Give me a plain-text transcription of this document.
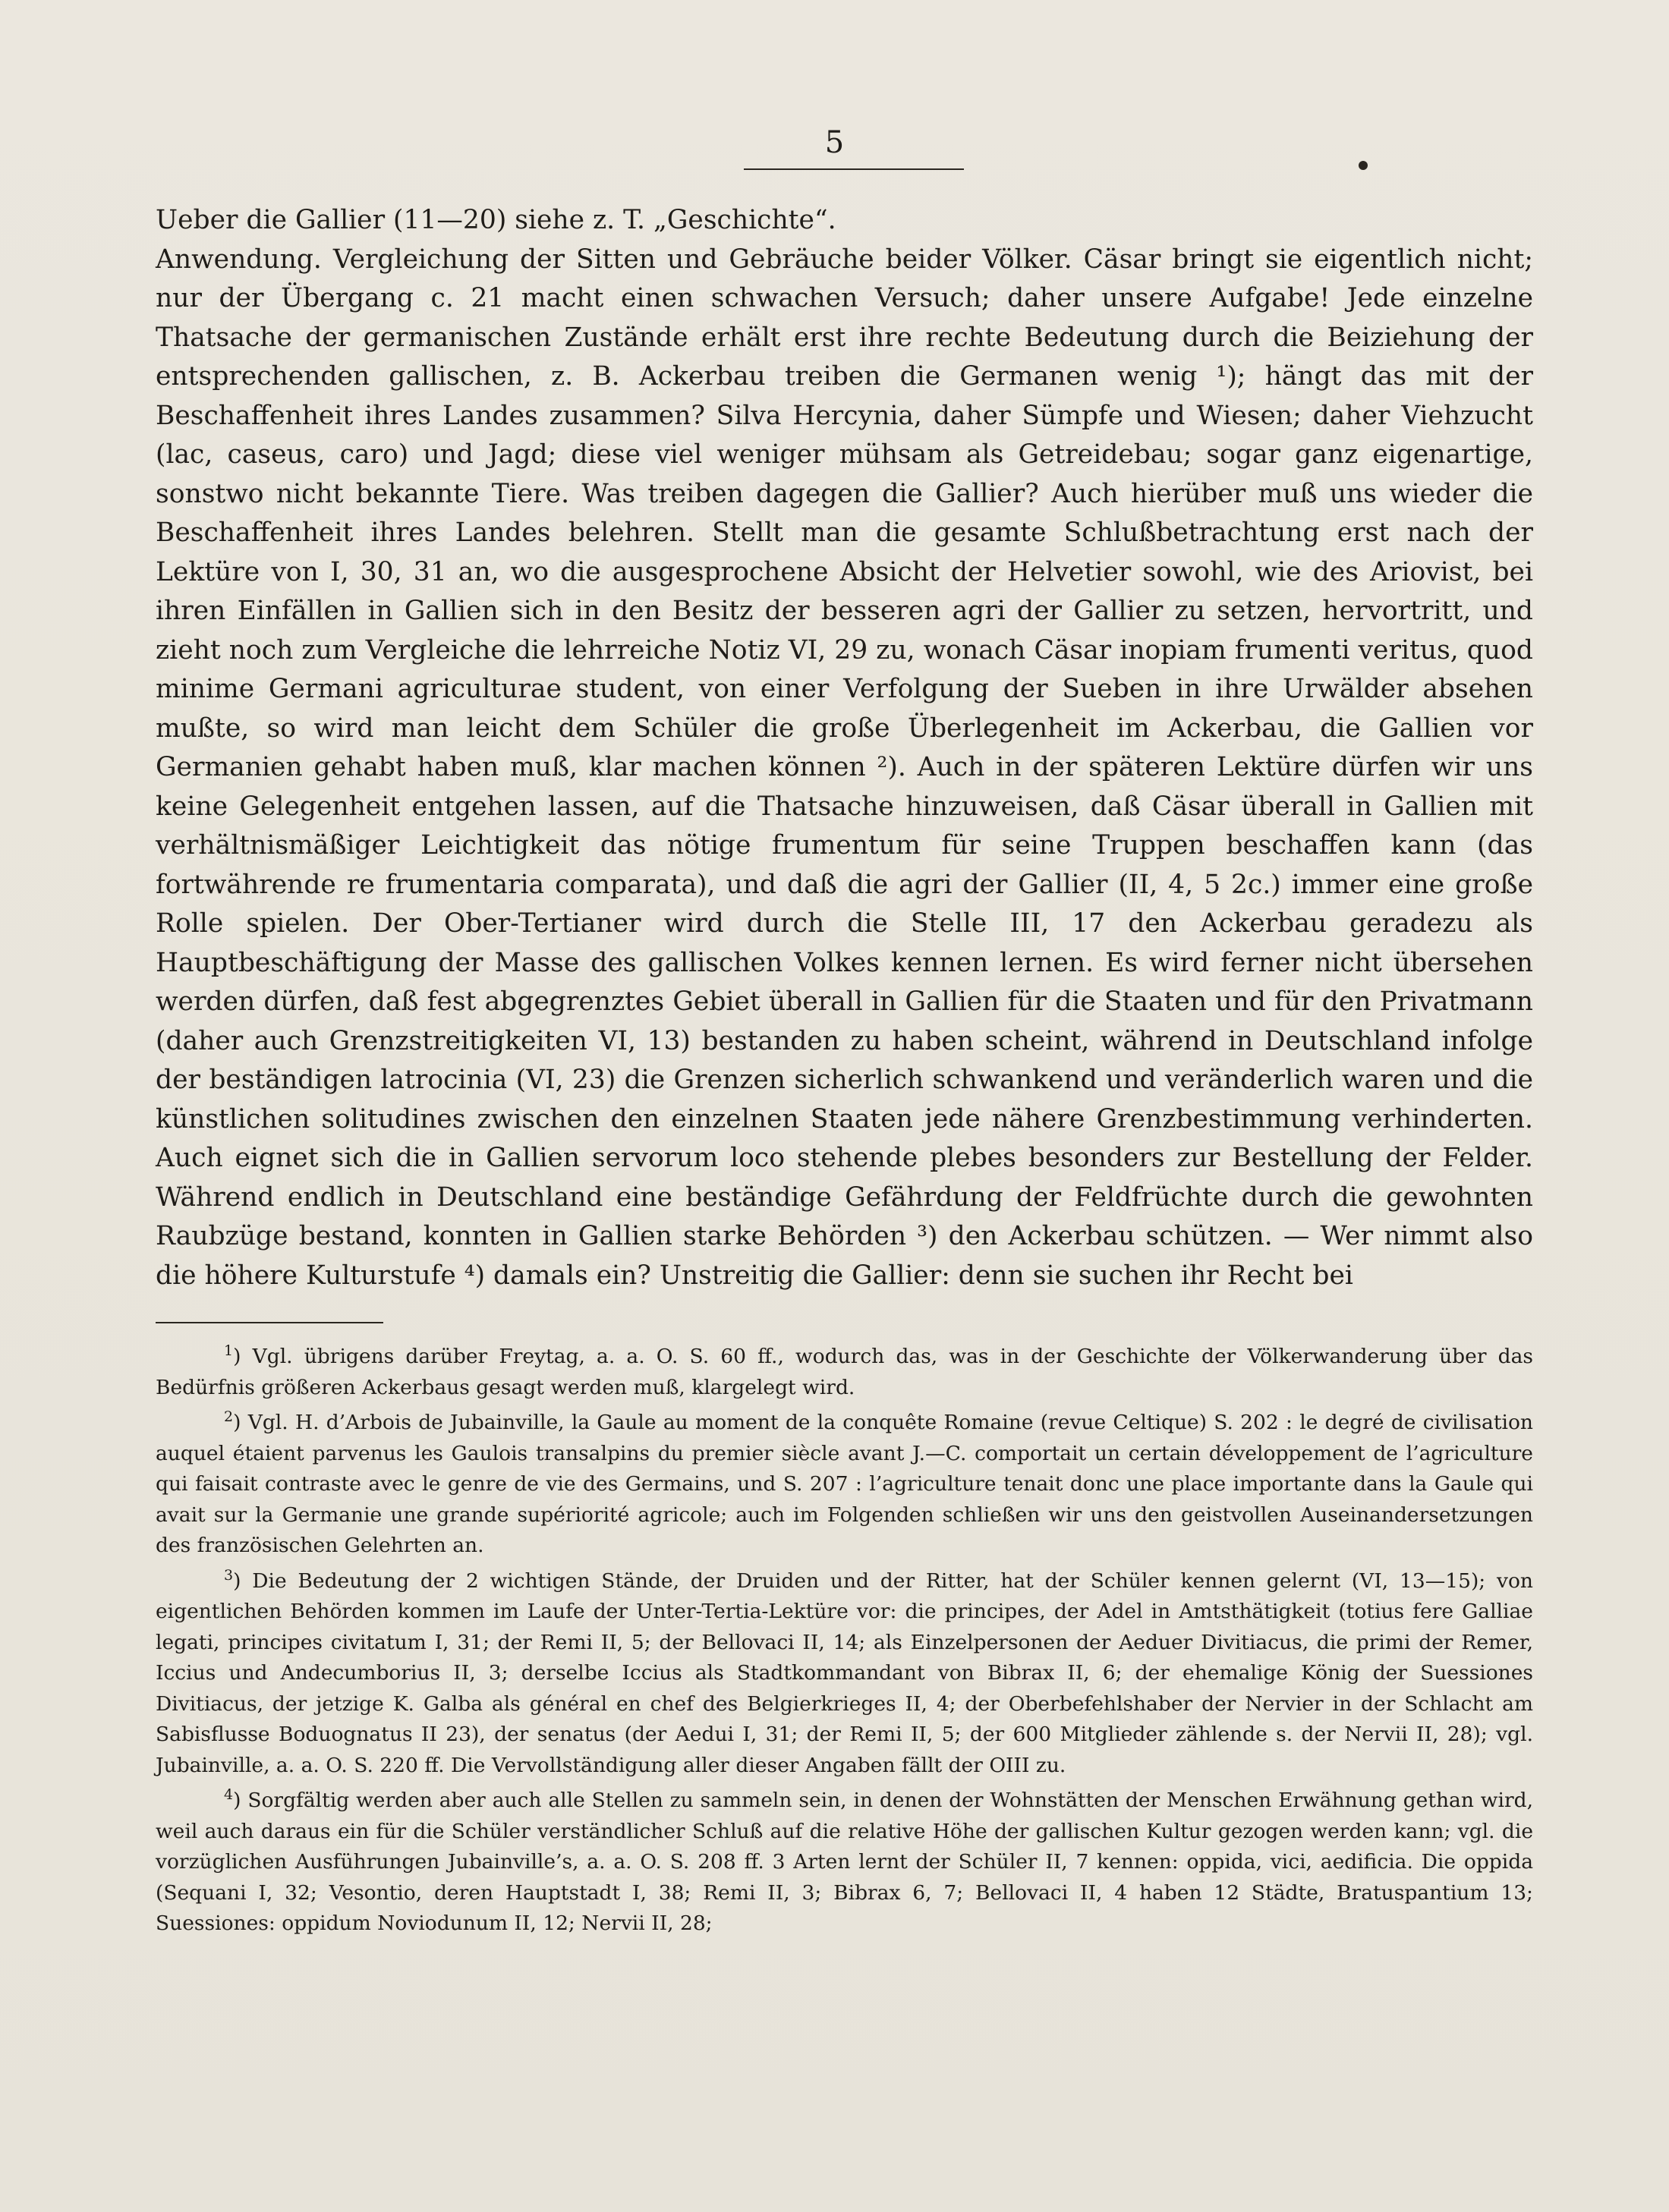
5

Ueber die Gallier (11—20) siehe z. T. „Geschichte“.

Anwendung. Vergleichung der Sitten und Gebräuche beider Völker. Cäsar bringt sie eigentlich nicht; nur der Übergang c. 21 macht einen schwachen Versuch; daher unsere Aufgabe! Jede einzelne Thatsache der germanischen Zustände erhält erst ihre rechte Bedeutung durch die Beiziehung der entsprechenden gallischen, z. B. Ackerbau treiben die Germanen wenig ¹); hängt das mit der Beschaffenheit ihres Landes zusammen? Silva Hercynia, daher Sümpfe und Wiesen; daher Viehzucht (lac, caseus, caro) und Jagd; diese viel weniger mühsam als Getreidebau; sogar ganz eigenartige, sonstwo nicht bekannte Tiere. Was treiben dagegen die Gallier? Auch hierüber muß uns wieder die Beschaffenheit ihres Landes belehren. Stellt man die gesamte Schlußbetrachtung erst nach der Lektüre von I, 30, 31 an, wo die ausgesprochene Absicht der Helvetier sowohl, wie des Ariovist, bei ihren Einfällen in Gallien sich in den Besitz der besseren agri der Gallier zu setzen, hervortritt, und zieht noch zum Vergleiche die lehrreiche Notiz VI, 29 zu, wonach Cäsar inopiam frumenti veritus, quod minime Germani agriculturae student, von einer Verfolgung der Sueben in ihre Urwälder absehen mußte, so wird man leicht dem Schüler die große Überlegenheit im Ackerbau, die Gallien vor Germanien gehabt haben muß, klar machen können ²). Auch in der späteren Lektüre dürfen wir uns keine Gelegenheit entgehen lassen, auf die Thatsache hinzuweisen, daß Cäsar überall in Gallien mit verhältnismäßiger Leichtigkeit das nötige frumentum für seine Truppen beschaffen kann (das fortwährende re frumentaria comparata), und daß die agri der Gallier (II, 4, 5 2c.) immer eine große Rolle spielen. Der Ober-Tertianer wird durch die Stelle III, 17 den Ackerbau geradezu als Hauptbeschäftigung der Masse des gallischen Volkes kennen lernen. Es wird ferner nicht übersehen werden dürfen, daß fest abgegrenztes Gebiet überall in Gallien für die Staaten und für den Privatmann (daher auch Grenzstreitigkeiten VI, 13) bestanden zu haben scheint, während in Deutschland infolge der beständigen latrocinia (VI, 23) die Grenzen sicherlich schwankend und veränderlich waren und die künstlichen solitudines zwischen den einzelnen Staaten jede nähere Grenzbestimmung verhinderten. Auch eignet sich die in Gallien servorum loco stehende plebes besonders zur Bestellung der Felder. Während endlich in Deutschland eine beständige Gefährdung der Feldfrüchte durch die gewohnten Raubzüge bestand, konnten in Gallien starke Behörden ³) den Ackerbau schützen. — Wer nimmt also die höhere Kulturstufe ⁴) damals ein? Unstreitig die Gallier: denn sie suchen ihr Recht bei

$^1$) Vgl. übrigens darüber Freytag, a. a. O. S. 60 ff., wodurch das, was in der Geschichte der Völkerwanderung über das Bedürfnis größeren Ackerbaus gesagt werden muß, klargelegt wird.

$^2$) Vgl. H. d’Arbois de Jubainville, la Gaule au moment de la conquête Romaine (revue Celtique) S. 202 : le degré de civilisation auquel étaient parvenus les Gaulois transalpins du premier siècle avant J.—C. comportait un certain développement de l’agriculture qui faisait contraste avec le genre de vie des Germains, und S. 207 : l’agriculture tenait donc une place importante dans la Gaule qui avait sur la Germanie une grande supériorité agricole; auch im Folgenden schließen wir uns den geistvollen Auseinandersetzungen des französischen Gelehrten an.

$^3$) Die Bedeutung der 2 wichtigen Stände, der Druiden und der Ritter, hat der Schüler kennen gelernt (VI, 13—15); von eigentlichen Behörden kommen im Laufe der Unter-Tertia-Lektüre vor: die principes, der Adel in Amtsthätigkeit (totius fere Galliae legati, principes civitatum I, 31; der Remi II, 5; der Bellovaci II, 14; als Einzelpersonen der Aeduer Divitiacus, die primi der Remer, Iccius und Andecumborius II, 3; derselbe Iccius als Stadtkommandant von Bibrax II, 6; der ehemalige König der Suessiones Divitiacus, der jetzige K. Galba als général en chef des Belgierkrieges II, 4; der Oberbefehlshaber der Nervier in der Schlacht am Sabisflusse Boduognatus II 23), der senatus (der Aedui I, 31; der Remi II, 5; der 600 Mitglieder zählende s. der Nervii II, 28); vgl. Jubainville, a. a. O. S. 220 ff. Die Vervollständigung aller dieser Angaben fällt der OIII zu.

$^4$) Sorgfältig werden aber auch alle Stellen zu sammeln sein, in denen der Wohnstätten der Menschen Erwähnung gethan wird, weil auch daraus ein für die Schüler verständlicher Schluß auf die relative Höhe der gallischen Kultur gezogen werden kann; vgl. die vorzüglichen Ausführungen Jubainville’s, a. a. O. S. 208 ff. 3 Arten lernt der Schüler II, 7 kennen: oppida, vici, aedificia. Die oppida (Sequani I, 32; Vesontio, deren Hauptstadt I, 38; Remi II, 3; Bibrax 6, 7; Bellovaci II, 4 haben 12 Städte, Bratuspantium 13; Suessiones: oppidum Noviodunum II, 12; Nervii II, 28;
